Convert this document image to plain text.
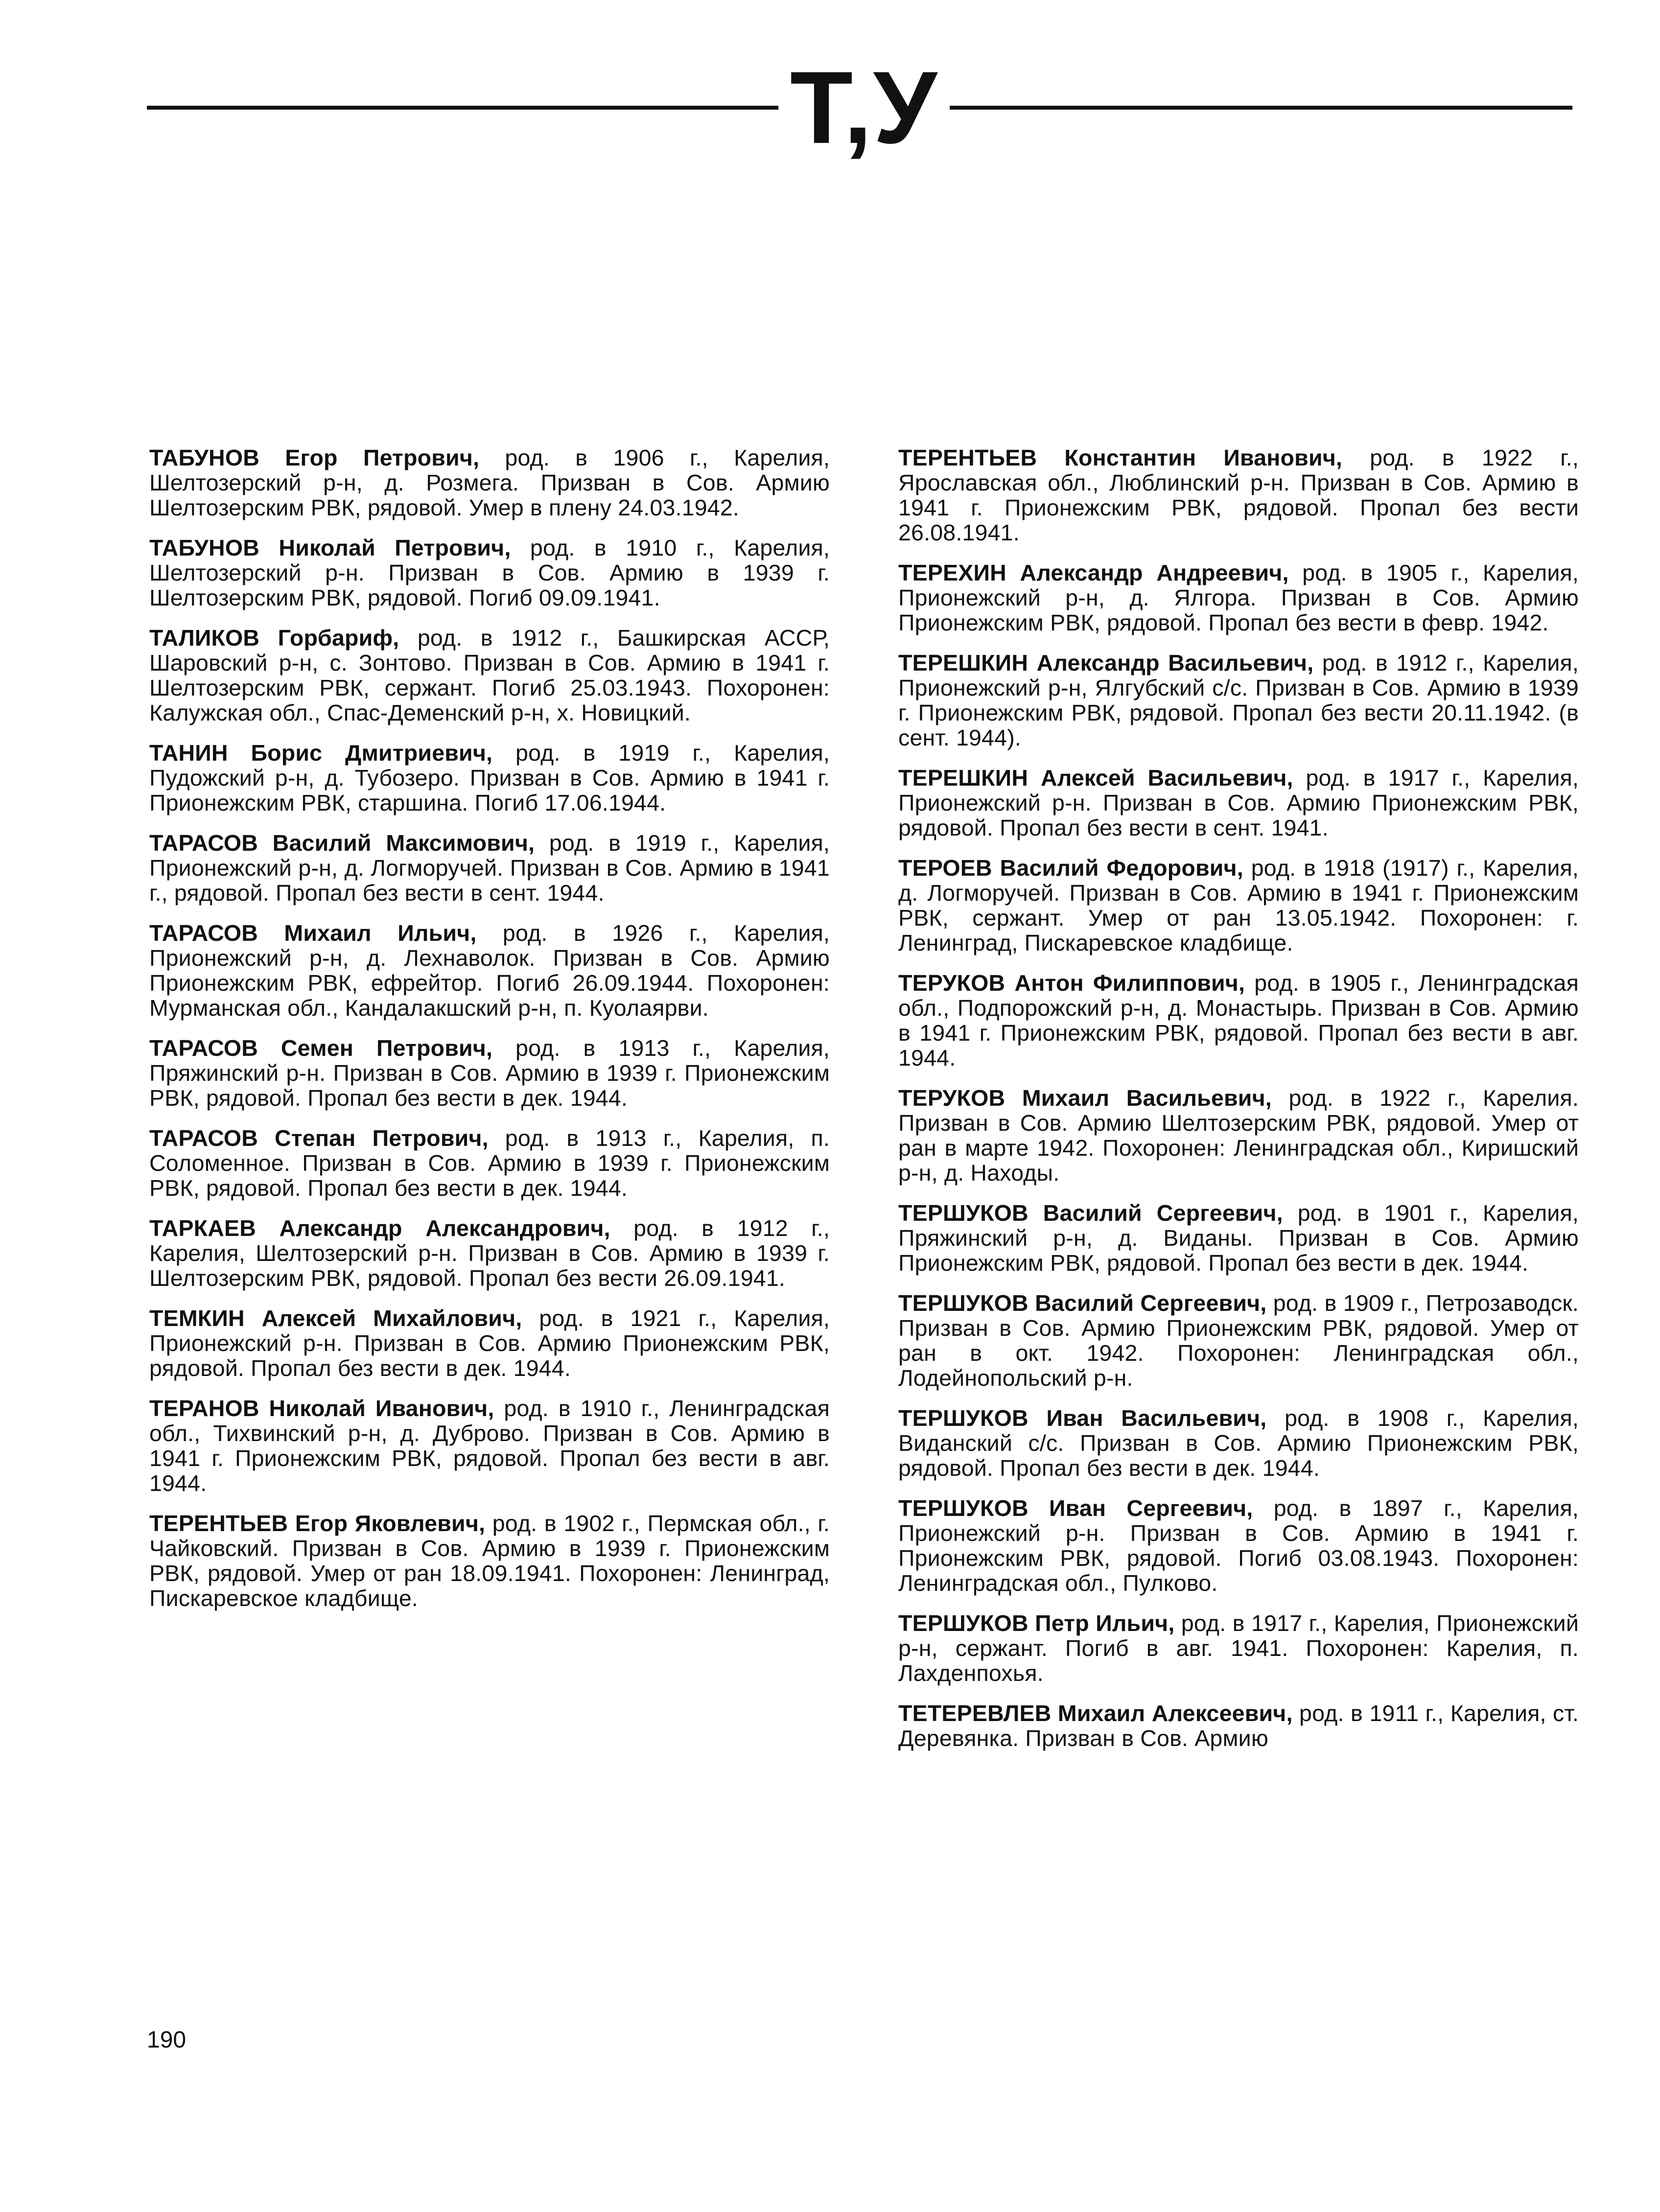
Т,У

ТАБУНОВ Егор Петрович, род. в 1906 г., Карелия, Шелтозерский р-н, д. Розмега. Призван в Сов. Армию Шелтозерским РВК, рядовой. Умер в плену 24.03.1942.

ТАБУНОВ Николай Петрович, род. в 1910 г., Карелия, Шелтозерский р-н. Призван в Сов. Армию в 1939 г. Шелтозерским РВК, рядовой. Погиб 09.09.1941.

ТАЛИКОВ Горбариф, род. в 1912 г., Башкирская АССР, Шаровский р-н, с. Зонтово. Призван в Сов. Армию в 1941 г. Шелтозерским РВК, сержант. Погиб 25.03.1943. Похоронен: Калужская обл., Спас-Деменский р-н, х. Новицкий.

ТАНИН Борис Дмитриевич, род. в 1919 г., Карелия, Пудожский р-н, д. Тубозеро. Призван в Сов. Армию в 1941 г. Прионежским РВК, старшина. Погиб 17.06.1944.

ТАРАСОВ Василий Максимович, род. в 1919 г., Карелия, Прионежский р-н, д. Логморучей. Призван в Сов. Армию в 1941 г., рядовой. Пропал без вести в сент. 1944.

ТАРАСОВ Михаил Ильич, род. в 1926 г., Карелия, Прионежский р-н, д. Лехнаволок. Призван в Сов. Армию Прионежским РВК, ефрейтор. Погиб 26.09.1944. Похоронен: Мурманская обл., Кандалакшский р-н, п. Куолаярви.

ТАРАСОВ Семен Петрович, род. в 1913 г., Карелия, Пряжинский р-н. Призван в Сов. Армию в 1939 г. Прионежским РВК, рядовой. Пропал без вести в дек. 1944.

ТАРАСОВ Степан Петрович, род. в 1913 г., Карелия, п. Соломенное. Призван в Сов. Армию в 1939 г. Прионежским РВК, рядовой. Пропал без вести в дек. 1944.

ТАРКАЕВ Александр Александрович, род. в 1912 г., Карелия, Шелтозерский р-н. Призван в Сов. Армию в 1939 г. Шелтозерским РВК, рядовой. Пропал без вести 26.09.1941.

ТЕМКИН Алексей Михайлович, род. в 1921 г., Карелия, Прионежский р-н. Призван в Сов. Армию Прионежским РВК, рядовой. Пропал без вести в дек. 1944.

ТЕРАНОВ Николай Иванович, род. в 1910 г., Ленинградская обл., Тихвинский р-н, д. Дуброво. Призван в Сов. Армию в 1941 г. Прионежским РВК, рядовой. Пропал без вести в авг. 1944.

ТЕРЕНТЬЕВ Егор Яковлевич, род. в 1902 г., Пермская обл., г. Чайковский. Призван в Сов. Армию в 1939 г. Прионежским РВК, рядовой. Умер от ран 18.09.1941. Похоронен: Ленинград, Пискаревское кладбище.

ТЕРЕНТЬЕВ Константин Иванович, род. в 1922 г., Ярославская обл., Люблинский р-н. Призван в Сов. Армию в 1941 г. Прионежским РВК, рядовой. Пропал без вести 26.08.1941.

ТЕРЕХИН Александр Андреевич, род. в 1905 г., Карелия, Прионежский р-н, д. Ялгора. Призван в Сов. Армию Прионежским РВК, рядовой. Пропал без вести в февр. 1942.

ТЕРЕШКИН Александр Васильевич, род. в 1912 г., Карелия, Прионежский р-н, Ялгубский с/с. Призван в Сов. Армию в 1939 г. Прионежским РВК, рядовой. Пропал без вести 20.11.1942. (в сент. 1944).

ТЕРЕШКИН Алексей Васильевич, род. в 1917 г., Карелия, Прионежский р-н. Призван в Сов. Армию Прионежским РВК, рядовой. Пропал без вести в сент. 1941.

ТЕРОЕВ Василий Федорович, род. в 1918 (1917) г., Карелия, д. Логморучей. Призван в Сов. Армию в 1941 г. Прионежским РВК, сержант. Умер от ран 13.05.1942. Похоронен: г. Ленинград, Пискаревское кладбище.

ТЕРУКОВ Антон Филиппович, род. в 1905 г., Ленинградская обл., Подпорожский р-н, д. Монастырь. Призван в Сов. Армию в 1941 г. Прионежским РВК, рядовой. Пропал без вести в авг. 1944.

ТЕРУКОВ Михаил Васильевич, род. в 1922 г., Карелия. Призван в Сов. Армию Шелтозерским РВК, рядовой. Умер от ран в марте 1942. Похоронен: Ленинградская обл., Киришский р-н, д. Находы.

ТЕРШУКОВ Василий Сергеевич, род. в 1901 г., Карелия, Пряжинский р-н, д. Виданы. Призван в Сов. Армию Прионежским РВК, рядовой. Пропал без вести в дек. 1944.

ТЕРШУКОВ Василий Сергеевич, род. в 1909 г., Петрозаводск. Призван в Сов. Армию Прионежским РВК, рядовой. Умер от ран в окт. 1942. Похоронен: Ленинградская обл., Лодейнопольский р-н.

ТЕРШУКОВ Иван Васильевич, род. в 1908 г., Карелия, Виданский с/с. Призван в Сов. Армию Прионежским РВК, рядовой. Пропал без вести в дек. 1944.

ТЕРШУКОВ Иван Сергеевич, род. в 1897 г., Карелия, Прионежский р-н. Призван в Сов. Армию в 1941 г. Прионежским РВК, рядовой. Погиб 03.08.1943. Похоронен: Ленинградская обл., Пулково.

ТЕРШУКОВ Петр Ильич, род. в 1917 г., Карелия, Прионежский р-н, сержант. Погиб в авг. 1941. Похоронен: Карелия, п. Лахденпохья.

ТЕТЕРЕВЛЕВ Михаил Алексеевич, род. в 1911 г., Карелия, ст. Деревянка. Призван в Сов. Армию

190
